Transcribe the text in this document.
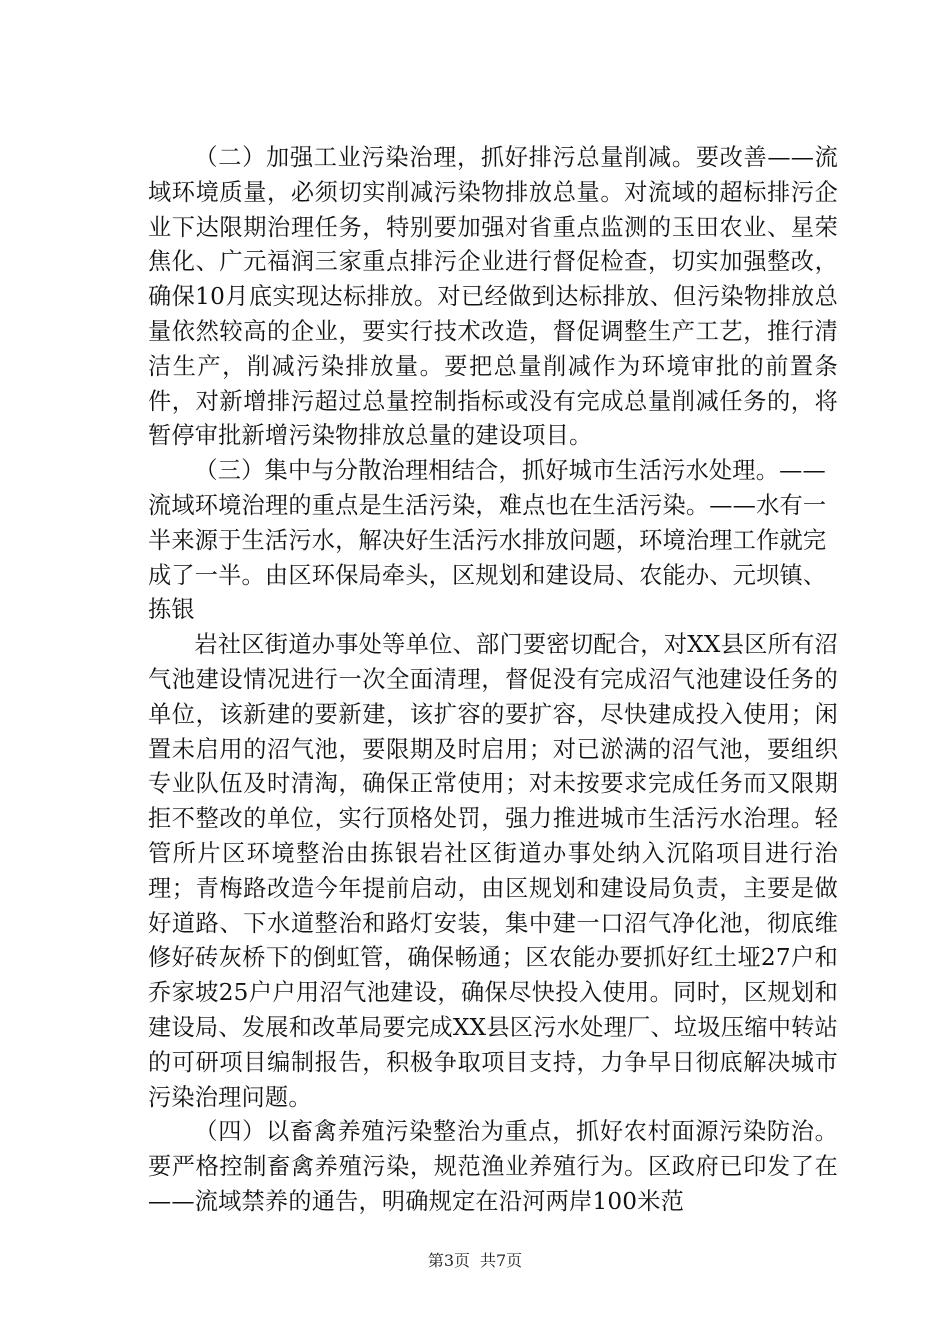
（二）加强工业污染治理，抓好排污总量削减。要改善——流域环境质量，必须切实削减污染物排放总量。对流域的超标排污企业下达限期治理任务，特别要加强对省重点监测的玉田农业、星荣焦化、广元福润三家重点排污企业进行督促检查，切实加强整改，确保10月底实现达标排放。对已经做到达标排放、但污染物排放总量依然较高的企业，要实行技术改造，督促调整生产工艺，推行清洁生产，削减污染排放量。要把总量削减作为环境审批的前置条件，对新增排污超过总量控制指标或没有完成总量削减任务的，将暂停审批新增污染物排放总量的建设项目。

（三）集中与分散治理相结合，抓好城市生活污水处理。——流域环境治理的重点是生活污染，难点也在生活污染。——水有一半来源于生活污水，解决好生活污水排放问题，环境治理工作就完成了一半。由区环保局牵头，区规划和建设局、农能办、元坝镇、拣银

岩社区街道办事处等单位、部门要密切配合，对XX县区所有沼气池建设情况进行一次全面清理，督促没有完成沼气池建设任务的单位，该新建的要新建，该扩容的要扩容，尽快建成投入使用；闲置未启用的沼气池，要限期及时启用；对已淤满的沼气池，要组织专业队伍及时清淘，确保正常使用；对未按要求完成任务而又限期拒不整改的单位，实行顶格处罚，强力推进城市生活污水治理。轻管所片区环境整治由拣银岩社区街道办事处纳入沉陷项目进行治理；青梅路改造今年提前启动，由区规划和建设局负责，主要是做好道路、下水道整治和路灯安装，集中建一口沼气净化池，彻底维修好砖灰桥下的倒虹管，确保畅通；区农能办要抓好红土垭27户和乔家坡25户户用沼气池建设，确保尽快投入使用。同时，区规划和建设局、发展和改革局要完成XX县区污水处理厂、垃圾压缩中转站的可研项目编制报告，积极争取项目支持，力争早日彻底解决城市污染治理问题。

（四）以畜禽养殖污染整治为重点，抓好农村面源污染防治。要严格控制畜禽养殖污染，规范渔业养殖行为。区政府已印发了在——流域禁养的通告，明确规定在沿河两岸100米范

第3页 共7页
